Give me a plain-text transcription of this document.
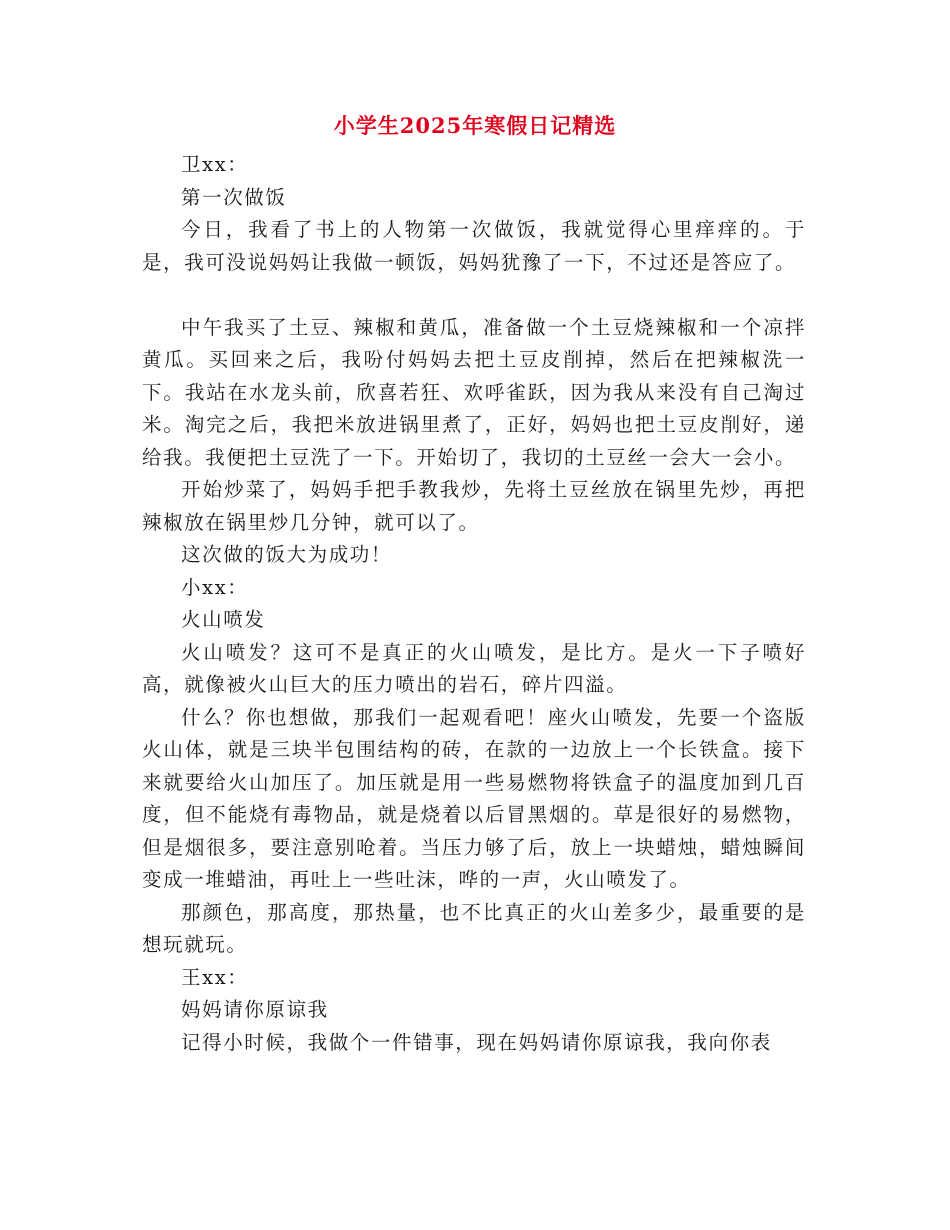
小学生2025年寒假日记精选

卫xx：

第一次做饭

今日，我看了书上的人物第一次做饭，我就觉得心里痒痒的。于是，我可没说妈妈让我做一顿饭，妈妈犹豫了一下，不过还是答应了。

中午我买了土豆、辣椒和黄瓜，准备做一个土豆烧辣椒和一个凉拌黄瓜。买回来之后，我吩付妈妈去把土豆皮削掉，然后在把辣椒洗一下。我站在水龙头前，欣喜若狂、欢呼雀跃，因为我从来没有自己淘过米。淘完之后，我把米放进锅里煮了，正好，妈妈也把土豆皮削好，递给我。我便把土豆洗了一下。开始切了，我切的土豆丝一会大一会小。

开始炒菜了，妈妈手把手教我炒，先将土豆丝放在锅里先炒，再把辣椒放在锅里炒几分钟，就可以了。

这次做的饭大为成功！

小xx：

火山喷发

火山喷发？这可不是真正的火山喷发，是比方。是火一下子喷好高，就像被火山巨大的压力喷出的岩石，碎片四溢。

什么？你也想做，那我们一起观看吧！座火山喷发，先要一个盗版火山体，就是三块半包围结构的砖，在款的一边放上一个长铁盒。接下来就要给火山加压了。加压就是用一些易燃物将铁盒子的温度加到几百度，但不能烧有毒物品，就是烧着以后冒黑烟的。草是很好的易燃物，但是烟很多，要注意别呛着。当压力够了后，放上一块蜡烛，蜡烛瞬间变成一堆蜡油，再吐上一些吐沫，哗的一声，火山喷发了。

那颜色，那高度，那热量，也不比真正的火山差多少，最重要的是想玩就玩。

王xx：

妈妈请你原谅我

记得小时候，我做个一件错事，现在妈妈请你原谅我，我向你表
